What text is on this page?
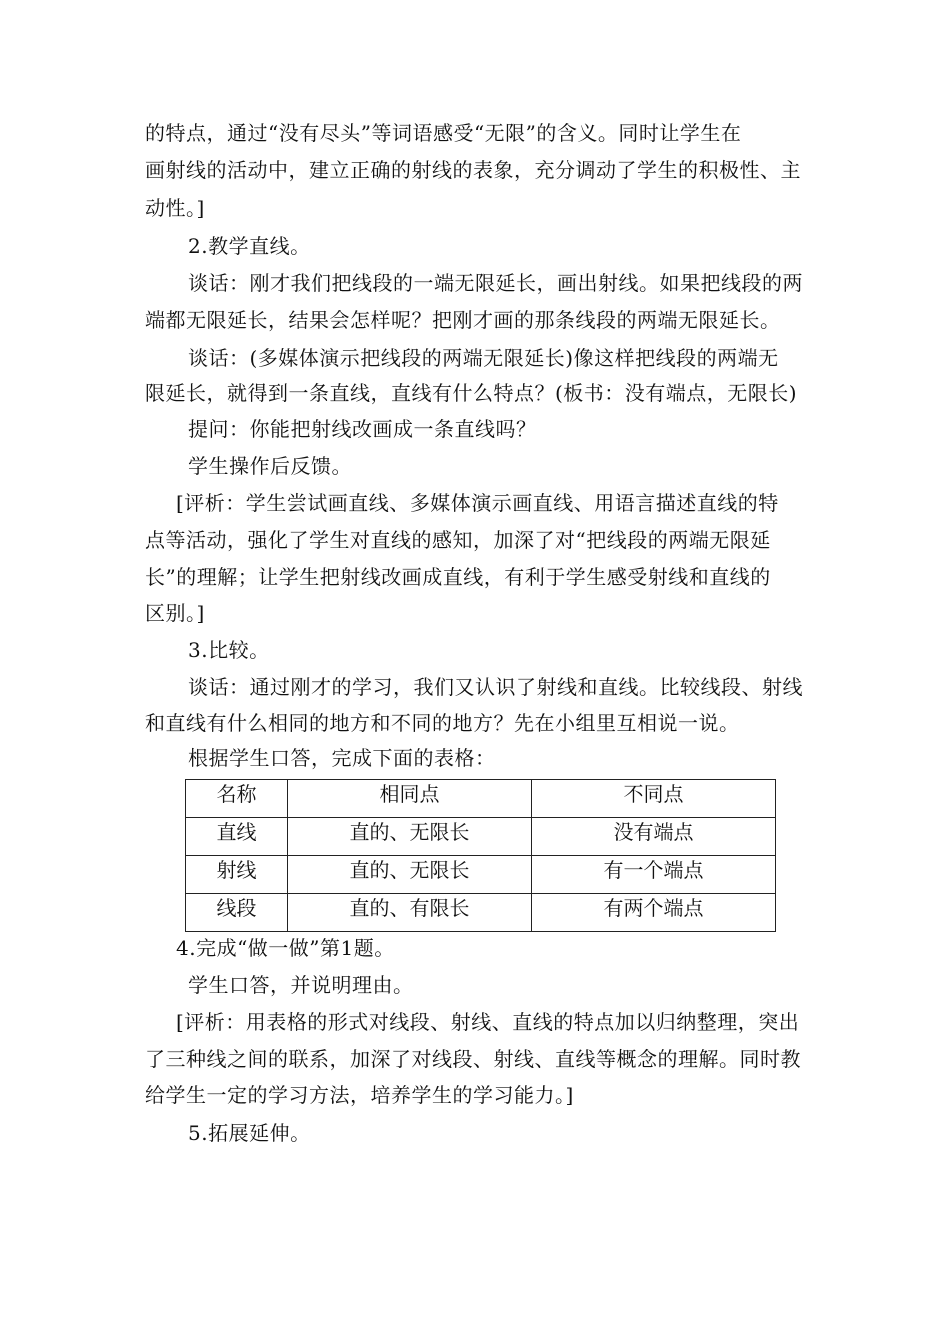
的特点，通过“没有尽头”等词语感受“无限”的含义。同时让学生在
画射线的活动中，建立正确的射线的表象，充分调动了学生的积极性、主
动性。]
2.教学直线。
谈话：刚才我们把线段的一端无限延长，画出射线。如果把线段的两
端都无限延长，结果会怎样呢？把刚才画的那条线段的两端无限延长。
谈话：(多媒体演示把线段的两端无限延长)像这样把线段的两端无
限延长，就得到一条直线，直线有什么特点？(板书：没有端点，无限长)
提问：你能把射线改画成一条直线吗？
学生操作后反馈。
[评析：学生尝试画直线、多媒体演示画直线、用语言描述直线的特
点等活动，强化了学生对直线的感知，加深了对“把线段的两端无限延
长”的理解；让学生把射线改画成直线，有利于学生感受射线和直线的
区别。]
3.比较。
谈话：通过刚才的学习，我们又认识了射线和直线。比较线段、射线
和直线有什么相同的地方和不同的地方？先在小组里互相说一说。
根据学生口答，完成下面的表格：
名称	相同点	不同点
直线	直的、无限长	没有端点
射线	直的、无限长	有一个端点
线段	直的、有限长	有两个端点
4.完成“做一做”第1题。
学生口答，并说明理由。
[评析：用表格的形式对线段、射线、直线的特点加以归纳整理，突出
了三种线之间的联系，加深了对线段、射线、直线等概念的理解。同时教
给学生一定的学习方法，培养学生的学习能力。]
5.拓展延伸。
